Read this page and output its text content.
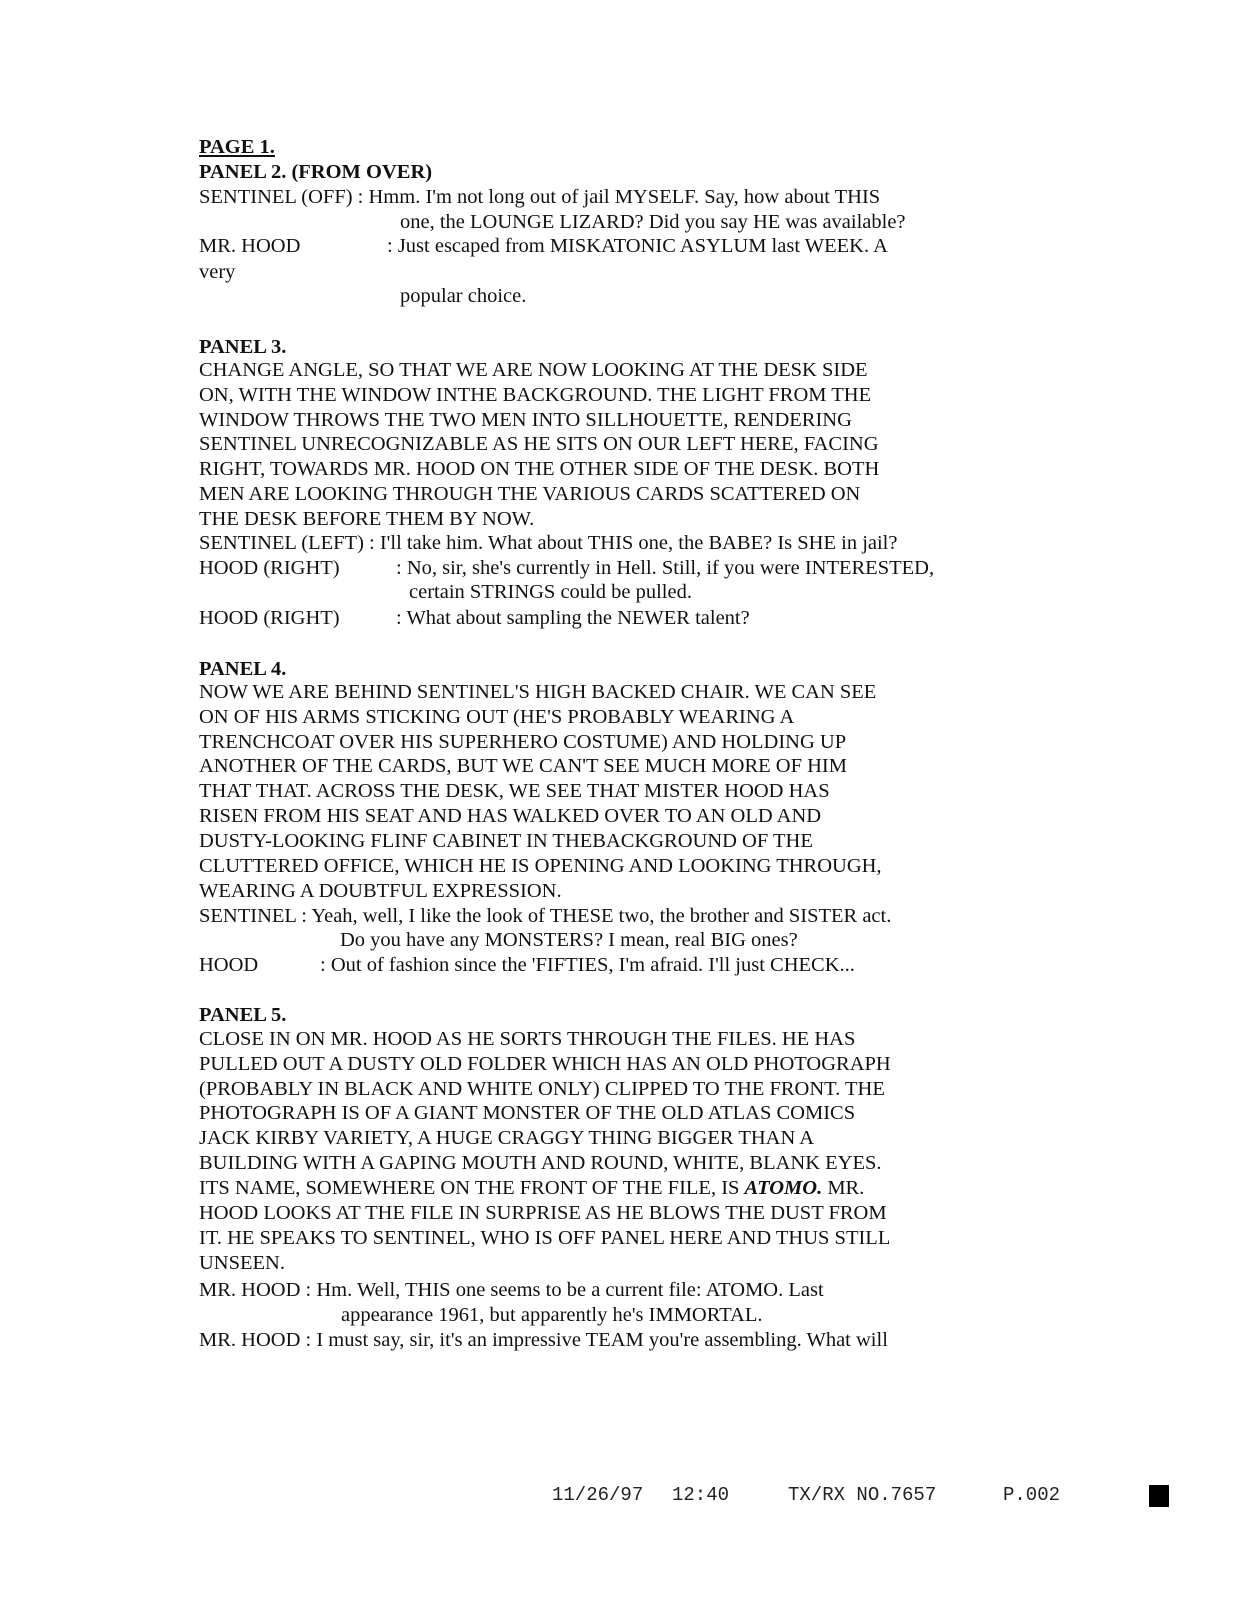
PAGE 1.
PANEL 2. (FROM OVER)
SENTINEL (OFF) : Hmm. I'm not long out of jail MYSELF. Say, how about THIS
one, the LOUNGE LIZARD? Did you say HE was available?
MR. HOOD	: Just escaped from MISKATONIC ASYLUM last WEEK. A
very
popular choice.
PANEL 3.
CHANGE ANGLE, SO THAT WE ARE NOW LOOKING AT THE DESK SIDE
ON, WITH THE WINDOW INTHE BACKGROUND. THE LIGHT FROM THE
WINDOW THROWS THE TWO MEN INTO SILLHOUETTE, RENDERING
SENTINEL UNRECOGNIZABLE AS HE SITS ON OUR LEFT HERE, FACING
RIGHT, TOWARDS MR. HOOD ON THE OTHER SIDE OF THE DESK. BOTH
MEN ARE LOOKING THROUGH THE VARIOUS CARDS SCATTERED ON
THE DESK BEFORE THEM BY NOW.
SENTINEL (LEFT) : I'll take him. What about THIS one, the BABE? Is SHE in jail?
HOOD (RIGHT)	: No, sir, she's currently in Hell. Still, if you were INTERESTED,
certain STRINGS could be pulled.
HOOD (RIGHT)	: What about sampling the NEWER talent?
PANEL 4.
NOW WE ARE BEHIND SENTINEL'S HIGH BACKED CHAIR. WE CAN SEE
ON OF HIS ARMS STICKING OUT (HE'S PROBABLY WEARING A
TRENCHCOAT OVER HIS SUPERHERO COSTUME) AND HOLDING UP
ANOTHER OF THE CARDS, BUT WE CAN'T SEE MUCH MORE OF HIM
THAT THAT. ACROSS THE DESK, WE SEE THAT MISTER HOOD HAS
RISEN FROM HIS SEAT AND HAS WALKED OVER TO AN OLD AND
DUSTY-LOOKING FLINF CABINET IN THEBACKGROUND OF THE
CLUTTERED OFFICE, WHICH HE IS OPENING AND LOOKING THROUGH,
WEARING A DOUBTFUL EXPRESSION.
SENTINEL : Yeah, well, I like the look of THESE two, the brother and SISTER act.
Do you have any MONSTERS? I mean, real BIG ones?
HOOD	: Out of fashion since the 'FIFTIES, I'm afraid. I'll just CHECK...
PANEL 5.
CLOSE IN ON MR. HOOD AS HE SORTS THROUGH THE FILES. HE HAS
PULLED OUT A DUSTY OLD FOLDER WHICH HAS AN OLD PHOTOGRAPH
(PROBABLY IN BLACK AND WHITE ONLY) CLIPPED TO THE FRONT. THE
PHOTOGRAPH IS OF A GIANT MONSTER OF THE OLD ATLAS COMICS
JACK KIRBY VARIETY, A HUGE CRAGGY THING BIGGER THAN A
BUILDING WITH A GAPING MOUTH AND ROUND, WHITE, BLANK EYES.
ITS NAME, SOMEWHERE ON THE FRONT OF THE FILE, IS ATOMO. MR.
HOOD LOOKS AT THE FILE IN SURPRISE AS HE BLOWS THE DUST FROM
IT. HE SPEAKS TO SENTINEL, WHO IS OFF PANEL HERE AND THUS STILL
UNSEEN.
MR. HOOD : Hm. Well, THIS one seems to be a current file: ATOMO. Last
appearance 1961, but apparently he's IMMORTAL.
MR. HOOD : I must say, sir, it's an impressive TEAM you're assembling. What will
11/26/97 12:40	TX/RX NO.7657	P.002
